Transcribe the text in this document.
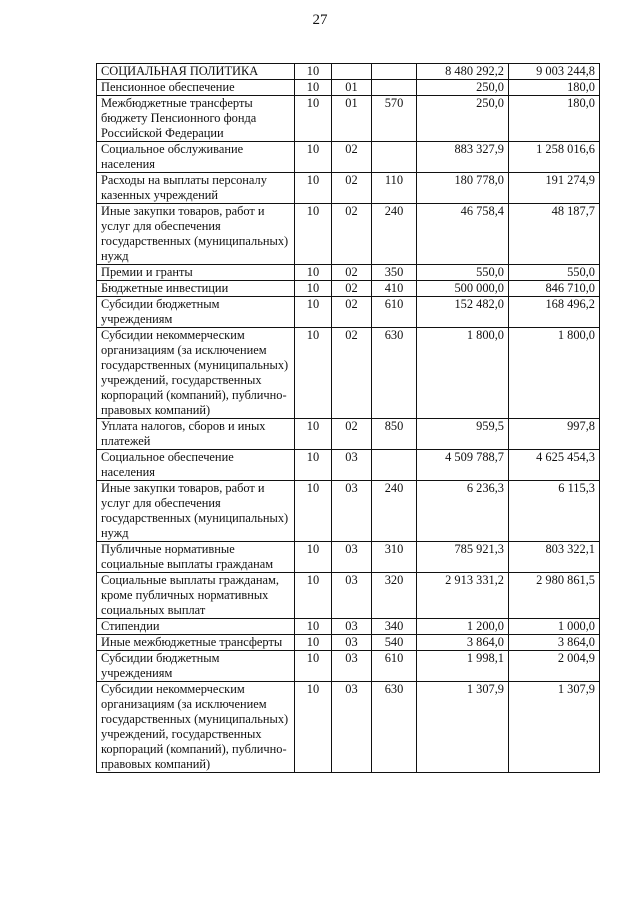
27
СОЦИАЛЬНАЯ ПОЛИТИКА	10			8 480 292,2	9 003 244,8
Пенсионное обеспечение	10	01		250,0	180,0
Межбюджетные трансферты бюджету Пенсионного фонда Российской Федерации	10	01	570	250,0	180,0
Социальное обслуживание населения	10	02		883 327,9	1 258 016,6
Расходы на выплаты персоналу казенных учреждений	10	02	110	180 778,0	191 274,9
Иные закупки товаров, работ и услуг для обеспечения государственных (муниципальных) нужд	10	02	240	46 758,4	48 187,7
Премии и гранты	10	02	350	550,0	550,0
Бюджетные инвестиции	10	02	410	500 000,0	846 710,0
Субсидии бюджетным учреждениям	10	02	610	152 482,0	168 496,2
Субсидии некоммерческим организациям (за исключением государственных (муниципальных) учреждений, государственных корпораций (компаний), публично-правовых компаний)	10	02	630	1 800,0	1 800,0
Уплата налогов, сборов и иных платежей	10	02	850	959,5	997,8
Социальное обеспечение населения	10	03		4 509 788,7	4 625 454,3
Иные закупки товаров, работ и услуг для обеспечения государственных (муниципальных) нужд	10	03	240	6 236,3	6 115,3
Публичные нормативные социальные выплаты гражданам	10	03	310	785 921,3	803 322,1
Социальные выплаты гражданам, кроме публичных нормативных социальных выплат	10	03	320	2 913 331,2	2 980 861,5
Стипендии	10	03	340	1 200,0	1 000,0
Иные межбюджетные трансферты	10	03	540	3 864,0	3 864,0
Субсидии бюджетным учреждениям	10	03	610	1 998,1	2 004,9
Субсидии некоммерческим организациям (за исключением государственных (муниципальных) учреждений, государственных корпораций (компаний), публично-правовых компаний)	10	03	630	1 307,9	1 307,9
